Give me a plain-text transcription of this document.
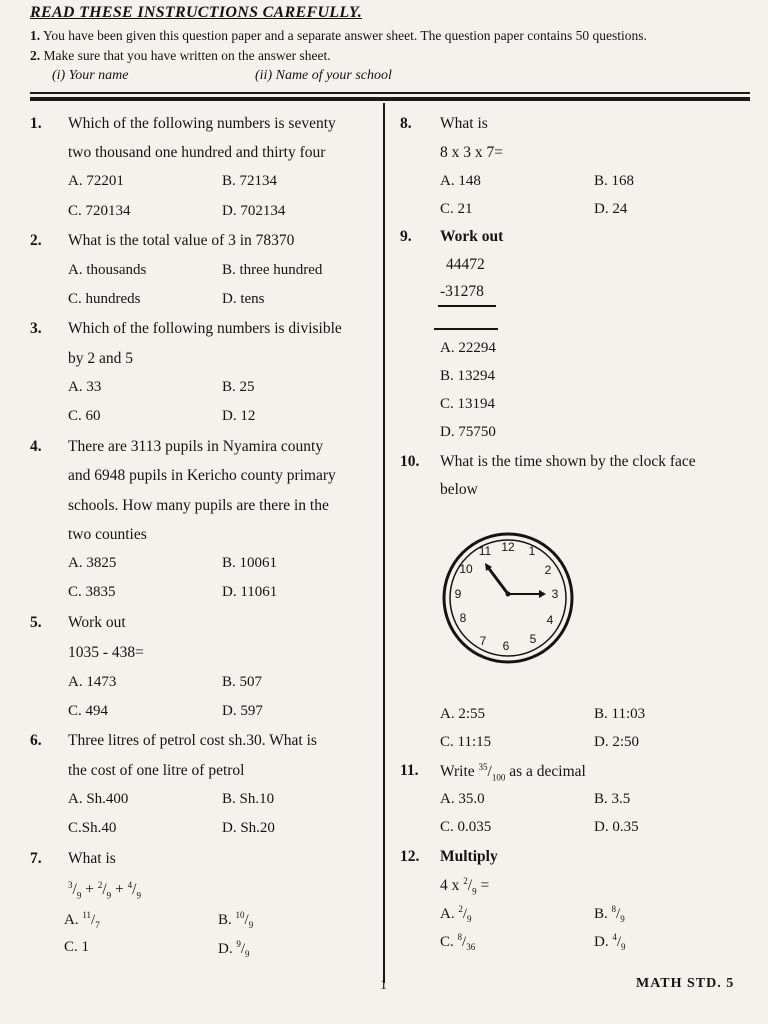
READ THESE INSTRUCTIONS CAREFULLY.
1. You have been given this question paper and a separate answer sheet. The question paper contains 50 questions.
2. Make sure that you have written on the answer sheet.
(i) Your name	(ii) Name of your school
1. Which of the following numbers is seventy
two thousand one hundred and thirty four
A. 72201	B. 72134
C. 720134	D. 702134
2. What is the total value of 3 in 78370
A. thousands	B. three hundred
C. hundreds	D. tens
3. Which of the following numbers is divisible
by 2 and 5
A. 33	B. 25
C. 60	D. 12
4. There are 3113 pupils in Nyamira county
and 6948 pupils in Kericho county primary
schools. How many pupils are there in the
two counties
A. 3825	B. 10061
C. 3835	D. 11061
5. Work out
1035 - 438=
A. 1473	B. 507
C. 494	D. 597
6. Three litres of petrol cost sh.30. What is
the cost of one litre of petrol
A. Sh.400	B. Sh.10
C.Sh.40	D. Sh.20
7. What is
$^3/_9 + ^2/_9 + ^4/_9$
A. $^{11}/_7$	B. $^{10}/_9$
C. 1	D. $^9/_9$
8. What is
8 x 3 x 7=
A. 148	B. 168
C. 21	D. 24
9. Work out
44472
-31278
A. 22294
B. 13294
C. 13194
D. 75750
10. What is the time shown by the clock face
below
12 1
2
3
4
5
6
7
8
9
10
11
A. 2:55	B. 11:03
C. 11:15	D. 2:50
11. Write $^{35}/_{100}$ as a decimal
A. 35.0	B. 3.5
C. 0.035	D. 0.35
12. Multiply
4 x $^2/_9$ =
A. $^2/_9$	B. $^8/_9$
C. $^8/_{36}$	D. $^4/_9$
1	MATH STD. 5
